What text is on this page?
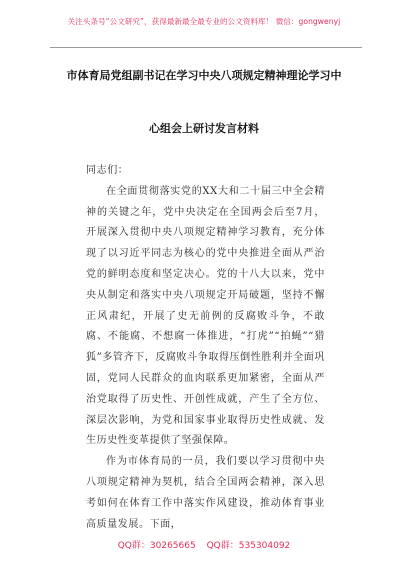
关注头条号“公文研究”，获得最新最全最专业的公文资料库！ 微信：gongwenyj
市体育局党组副书记在学习中央八项规定精神理论学习中
心组会上研讨发言材料

同志们：

在全面贯彻落实党的XX大和二十届三中全会精神的关键之年，党中央决定在全国两会后至7月，开展深入贯彻中央八项规定精神学习教育，充分体现了以习近平同志为核心的党中央推进全面从严治党的鲜明态度和坚定决心。党的十八大以来，党中央从制定和落实中央八项规定开局破题，坚持不懈正风肃纪，开展了史无前例的反腐败斗争，不敢腐、不能腐、不想腐一体推进，“打虎”“拍蝇”“猎狐”多管齐下，反腐败斗争取得压倒性胜利并全面巩固，党同人民群众的血肉联系更加紧密，全面从严治党取得了历史性、开创性成就，产生了全方位、深层次影响，为党和国家事业取得历史性成就、发生历史性变革提供了坚强保障。

作为市体育局的一员，我们要以学习贯彻中央八项规定精神为契机，结合全国两会精神，深入思考如何在体育工作中落实作风建设，推动体育事业高质量发展。下面，

QQ群：30265665 QQ群：535304092
